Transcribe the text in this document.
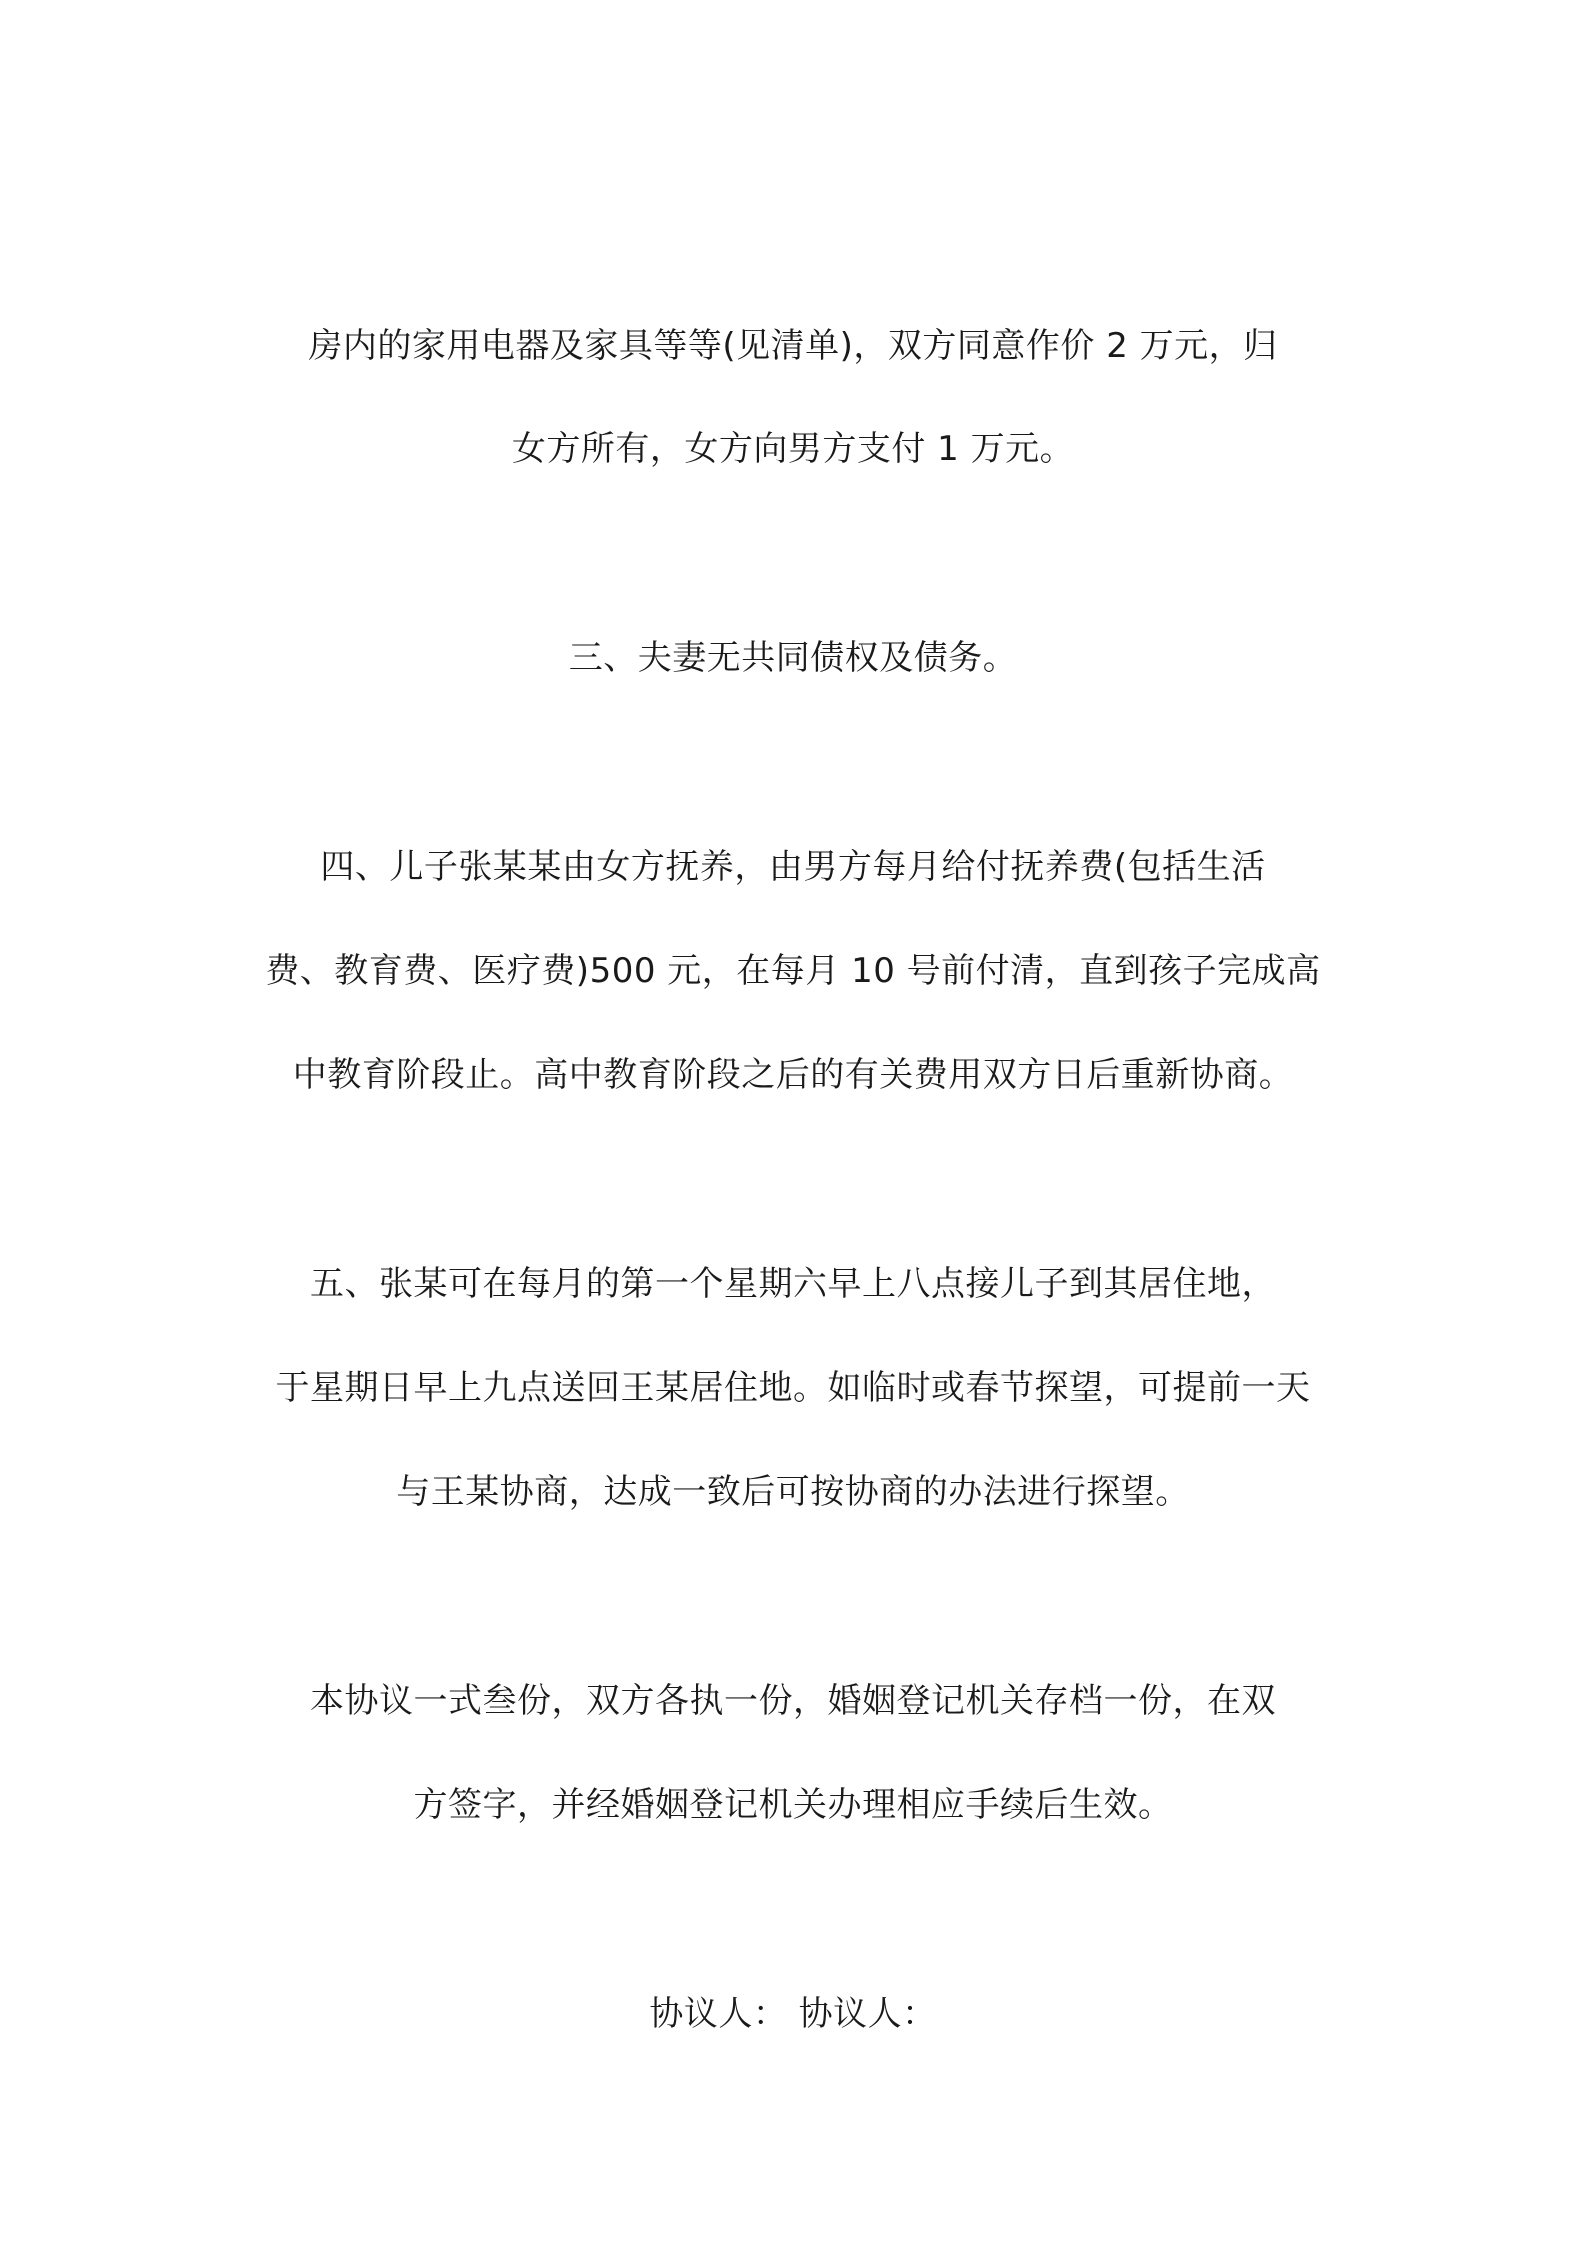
房内的家用电器及家具等等(见清单)，双方同意作价 2 万元，归
女方所有，女方向男方支付 1 万元。
三、夫妻无共同债权及债务。
四、儿子张某某由女方抚养，由男方每月给付抚养费(包括生活
费、教育费、医疗费)500 元，在每月 10 号前付清，直到孩子完成高
中教育阶段止。高中教育阶段之后的有关费用双方日后重新协商。
五、张某可在每月的第一个星期六早上八点接儿子到其居住地，
于星期日早上九点送回王某居住地。如临时或春节探望，可提前一天
与王某协商，达成一致后可按协商的办法进行探望。
本协议一式叁份，双方各执一份，婚姻登记机关存档一份，在双
方签字，并经婚姻登记机关办理相应手续后生效。
协议人： 协议人：
